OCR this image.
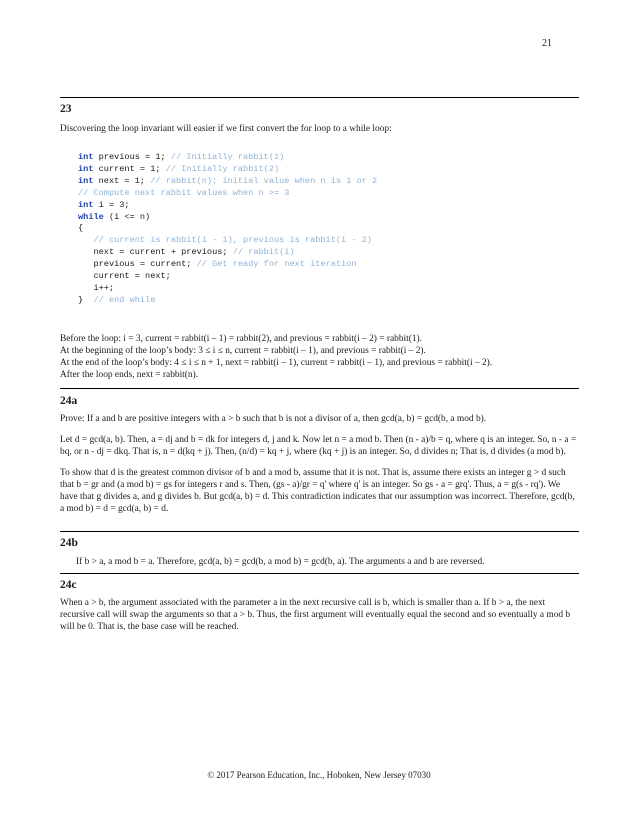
21
23

Discovering the loop invariant will easier if we first convert the for loop to a while loop:

int previous = 1; // Initially rabbit(1)
int current = 1; // Initially rabbit(2)
int next = 1; // rabbit(n); initial value when n is 1 or 2
// Compute next rabbit values when n >= 3
int i = 3;
while (i <= n)
{
// current is rabbit(i - 1), previous is rabbit(i - 2)
next = current + previous; // rabbit(i)
previous = current; // Get ready for next iteration
current = next;
i++;
}  // end while

Before the loop: i = 3, current = rabbit(i – 1) = rabbit(2), and previous = rabbit(i – 2) = rabbit(1).

At the beginning of the loop’s body: 3 ≤ i ≤ n, current = rabbit(i – 1), and previous = rabbit(i – 2).

At the end of the loop’s body: 4 ≤ i ≤ n + 1, next = rabbit(i – 1), current = rabbit(i – 1), and previous = rabbit(i – 2).

After the loop ends, next = rabbit(n).

24a

Prove: If a and b are positive integers with a > b such that b is not a divisor of a, then gcd(a, b) = gcd(b, a mod b).

Let d = gcd(a, b). Then, a = dj and b = dk for integers d, j and k. Now let n = a mod b. Then (n - a)/b = q, where q is an integer. So, n - a = bq, or n - dj = dkq. That is, n = d(kq + j). Then, (n/d) = kq + j, where (kq + j) is an integer. So, d divides n; That is, d divides (a mod b).

To show that d is the greatest common divisor of b and a mod b, assume that it is not. That is, assume there exists an integer g > d such that b = gr and (a mod b) = gs for integers r and s. Then, (gs - a)/gr = q' where q' is an integer. So gs - a = grq'. Thus, a = g(s - rq'). We have that g divides a, and g divides b. But gcd(a, b) = d. This contradiction indicates that our assumption was incorrect. Therefore, gcd(b, a mod b) = d = gcd(a, b) = d.

24b

If b > a, a mod b = a. Therefore, gcd(a, b) = gcd(b, a mod b) = gcd(b, a). The arguments a and b are reversed.

24c

When a > b, the argument associated with the parameter a in the next recursive call is b, which is smaller than a. If b > a, the next recursive call will swap the arguments so that a > b. Thus, the first argument will eventually equal the second and so eventually a mod b will be 0. That is, the base case will be reached.

© 2017 Pearson Education, Inc., Hoboken, New Jersey 07030
